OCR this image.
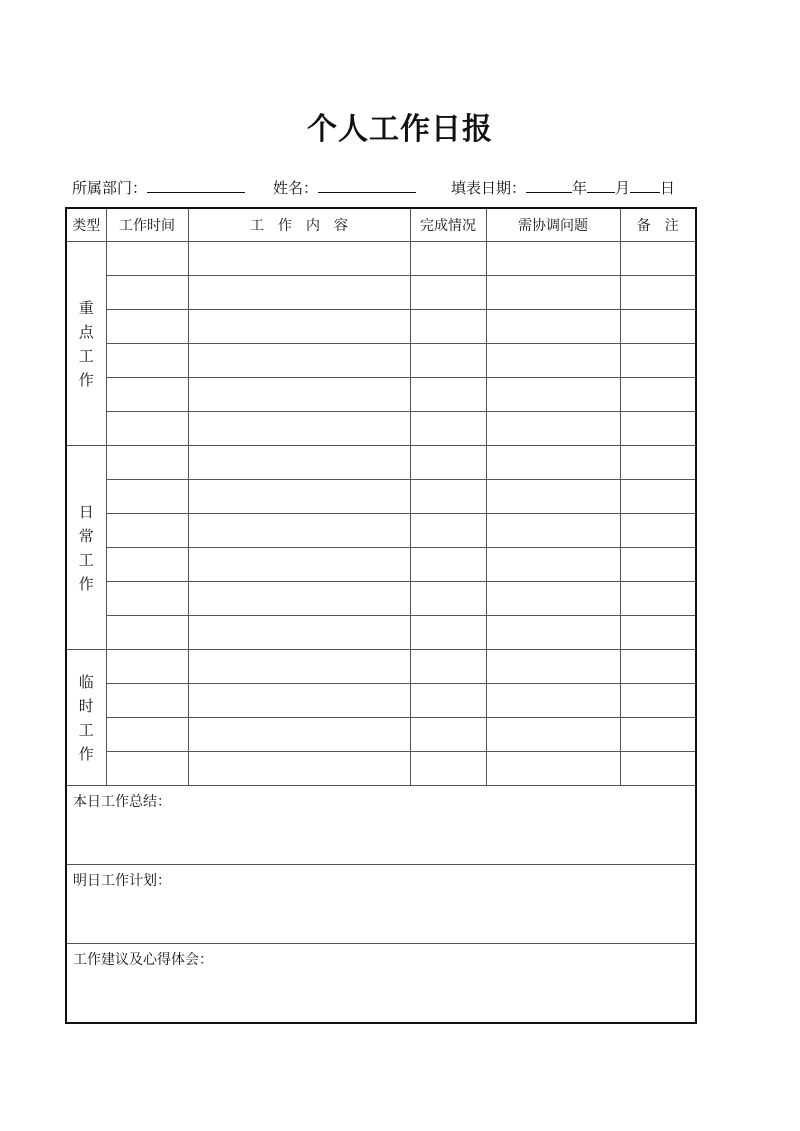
个人工作日报
所属部门：	姓名：	填表日期：	年 月 日
类型	工作时间	工　作　内　容	完成情况	需协调问题	备　注

重
点
工
作					

日
常
工
作					

临
时
工
作					

本日工作总结：					

明日工作计划：					

工作建议及心得体会：					
